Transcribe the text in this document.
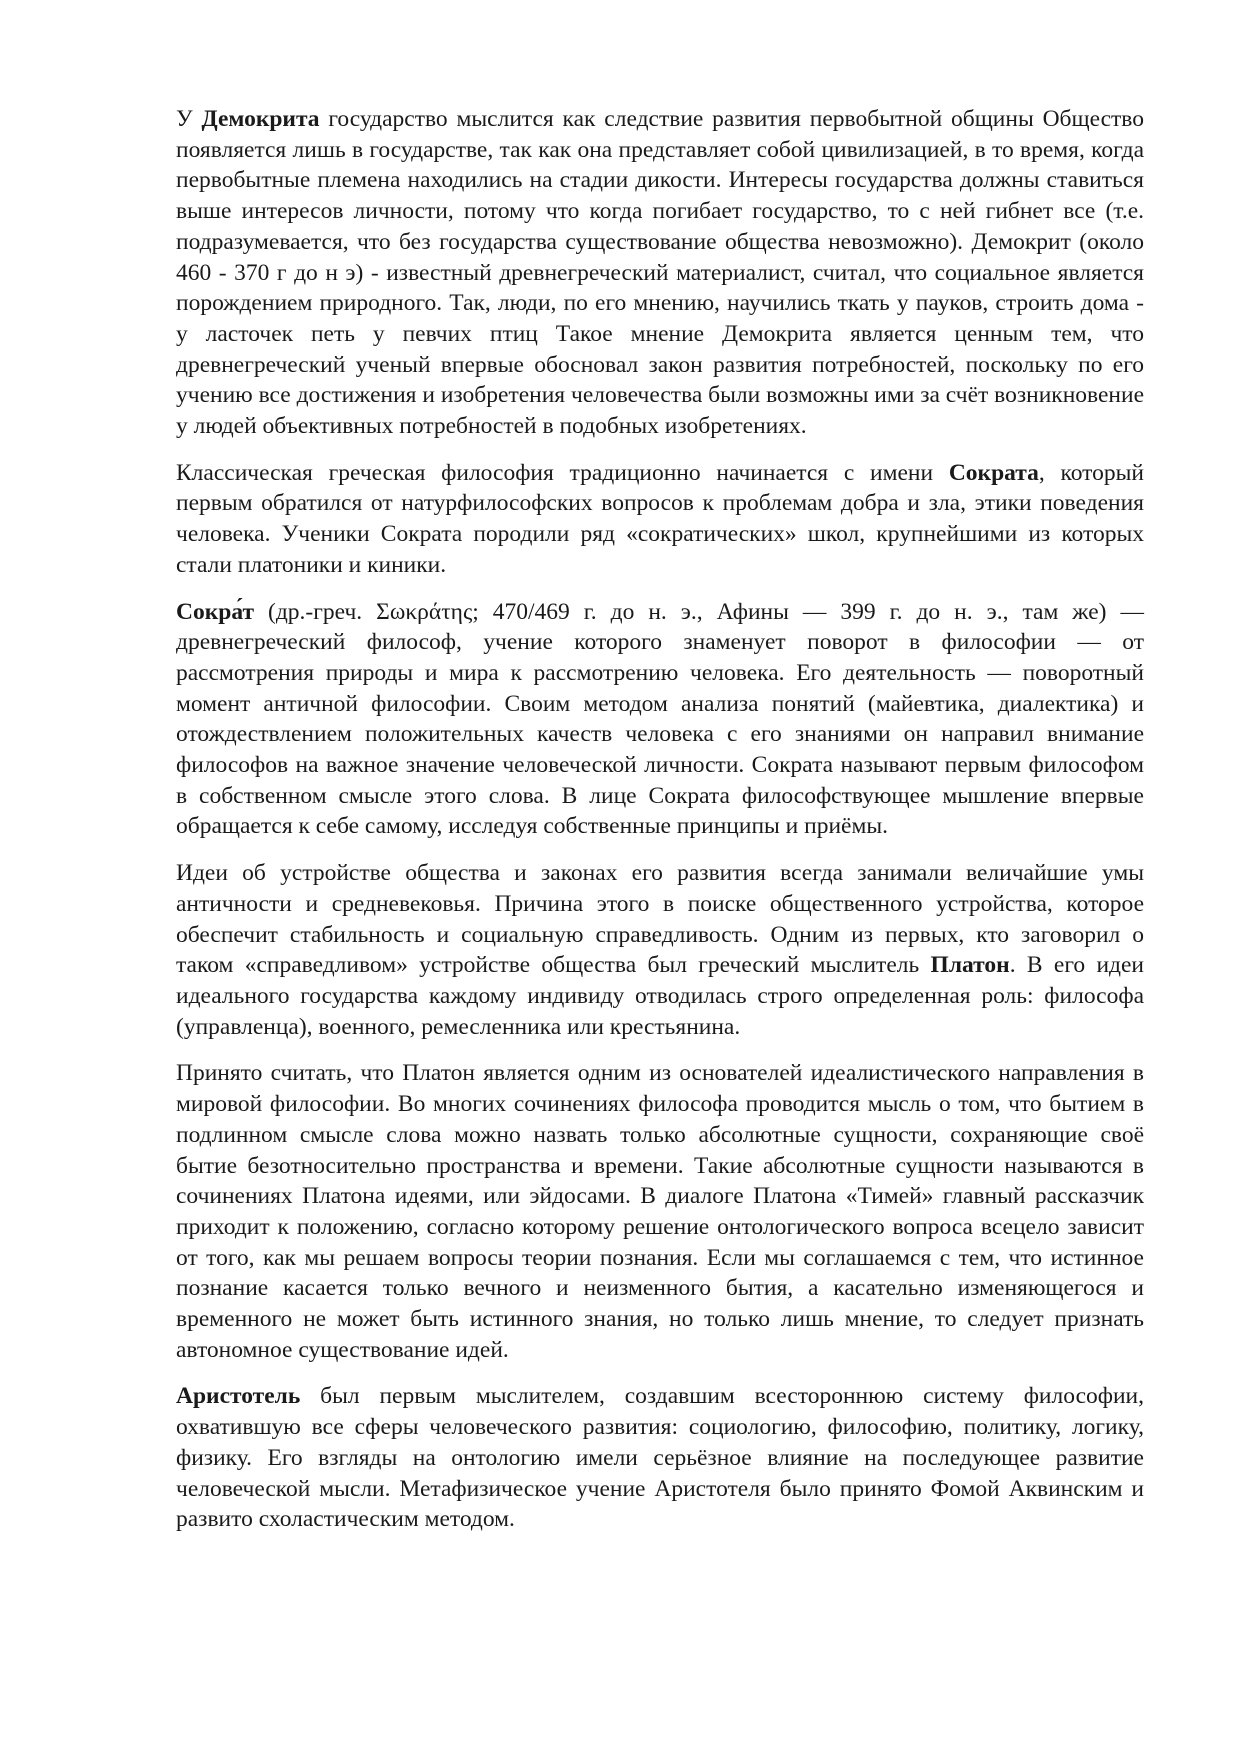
У Демокрита государство мыслится как следствие развития первобытной общины Общество появляется лишь в государстве, так как она представляет собой цивилизацией, в то время, когда первобытные племена находились на стадии дикости. Интересы государства должны ставиться выше интересов личности, потому что когда погибает государство, то с ней гибнет все (т.е. подразумевается, что без государства существование общества невозможно). Демокрит (около 460 - 370 г до н э) - известный древнегреческий материалист, считал, что социальное является порождением природного. Так, люди, по его мнению, научились ткать у пауков, строить дома - у ласточек петь у певчих птиц Такое мнение Демокрита является ценным тем, что древнегреческий ученый впервые обосновал закон развития потребностей, поскольку по его учению все достижения и изобретения человечества были возможны ими за счёт возникновение у людей объективных потребностей в подобных изобретениях.

Классическая греческая философия традиционно начинается с имени Сократа, который первым обратился от натурфилософских вопросов к проблемам добра и зла, этики поведения человека. Ученики Сократа породили ряд «сократических» школ, крупнейшими из которых стали платоники и киники.

Сокра́т (др.-греч. Σωκράτης; 470/469 г. до н. э., Афины — 399 г. до н. э., там же) — древнегреческий философ, учение которого знаменует поворот в философии — от рассмотрения природы и мира к рассмотрению человека. Его деятельность — поворотный момент античной философии. Своим методом анализа понятий (майевтика, диалектика) и отождествлением положительных качеств человека с его знаниями он направил внимание философов на важное значение человеческой личности. Сократа называют первым философом в собственном смысле этого слова. В лице Сократа философствующее мышление впервые обращается к себе самому, исследуя собственные принципы и приёмы.

Идеи об устройстве общества и законах его развития всегда занимали величайшие умы античности и средневековья. Причина этого в поиске общественного устройства, которое обеспечит стабильность и социальную справедливость. Одним из первых, кто заговорил о таком «справедливом» устройстве общества был греческий мыслитель Платон. В его идеи идеального государства каждому индивиду отводилась строго определенная роль: философа (управленца), военного, ремесленника или крестьянина.

Принято считать, что Платон является одним из основателей идеалистического направления в мировой философии. Во многих сочинениях философа проводится мысль о том, что бытием в подлинном смысле слова можно назвать только абсолютные сущности, сохраняющие своё бытие безотносительно пространства и времени. Такие абсолютные сущности называются в сочинениях Платона идеями, или эйдосами. В диалоге Платона «Тимей» главный рассказчик приходит к положению, согласно которому решение онтологического вопроса всецело зависит от того, как мы решаем вопросы теории познания. Если мы соглашаемся с тем, что истинное познание касается только вечного и неизменного бытия, а касательно изменяющегося и временного не может быть истинного знания, но только лишь мнение, то следует признать автономное существование идей.

Аристотель был первым мыслителем, создавшим всестороннюю систему философии, охватившую все сферы человеческого развития: социологию, философию, политику, логику, физику. Его взгляды на онтологию имели серьёзное влияние на последующее развитие человеческой мысли. Метафизическое учение Аристотеля было принято Фомой Аквинским и развито схоластическим методом.
